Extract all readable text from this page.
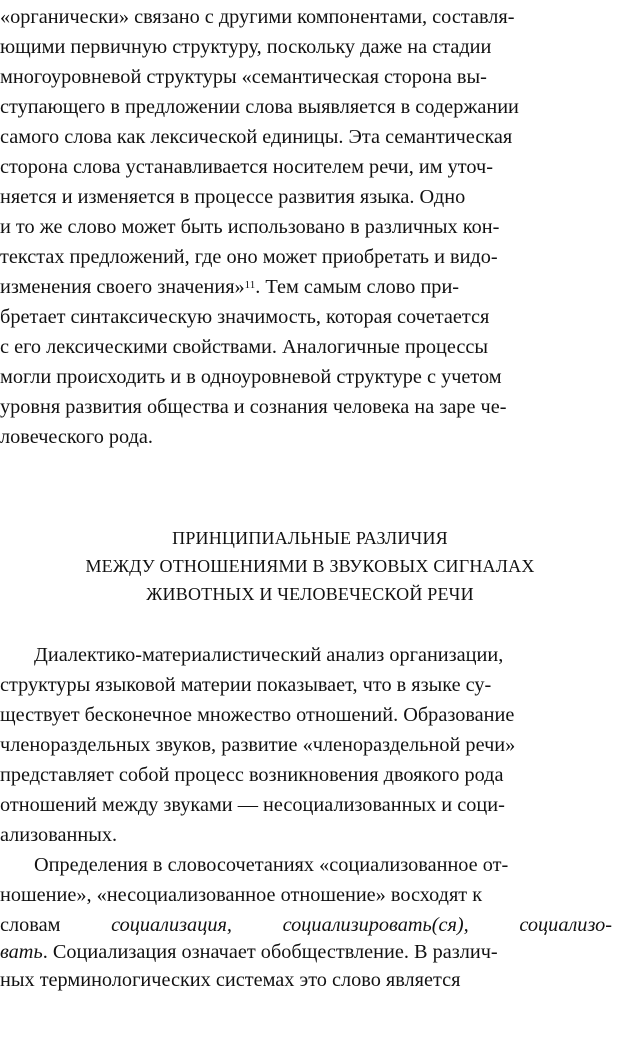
«органически» связано с другими компонентами, составля-
ющими первичную структуру, поскольку даже на стадии
многоуровневой структуры «семантическая сторона вы-
ступающего в предложении слова выявляется в содержании
самого слова как лексической единицы. Эта семантическая
сторона слова устанавливается носителем речи, им уточ-
няется и изменяется в процессе развития языка. Одно
и то же слово может быть использовано в различных кон-
текстах предложений, где оно может приобретать и видо-
изменения своего значения»$^{11}$. Тем самым слово при-
бретает синтаксическую значимость, которая сочетается
с его лексическими свойствами. Аналогичные процессы
могли происходить и в одноуровневой структуре с учетом
уровня развития общества и сознания человека на заре че-
ловеческого рода.
ПРИНЦИПИАЛЬНЫЕ РАЗЛИЧИЯ
МЕЖДУ ОТНОШЕНИЯМИ В ЗВУКОВЫХ СИГНАЛАХ
ЖИВОТНЫХ И ЧЕЛОВЕЧЕСКОЙ РЕЧИ
Диалектико-материалистический анализ организации,
структуры языковой материи показывает, что в языке су-
ществует бесконечное множество отношений. Образование
членораздельных звуков, развитие «членораздельной речи»
представляет собой процесс возникновения двоякого рода
отношений между звуками — несоциализованных и соци-
ализованных.
Определения в словосочетаниях «социализованное от-
ношение», «несоциализованное отношение» восходят к
словам социализация, социализировать(ся), социализо-
вать. Социализация означает обобществление. В различ-
ных терминологических системах это слово является
